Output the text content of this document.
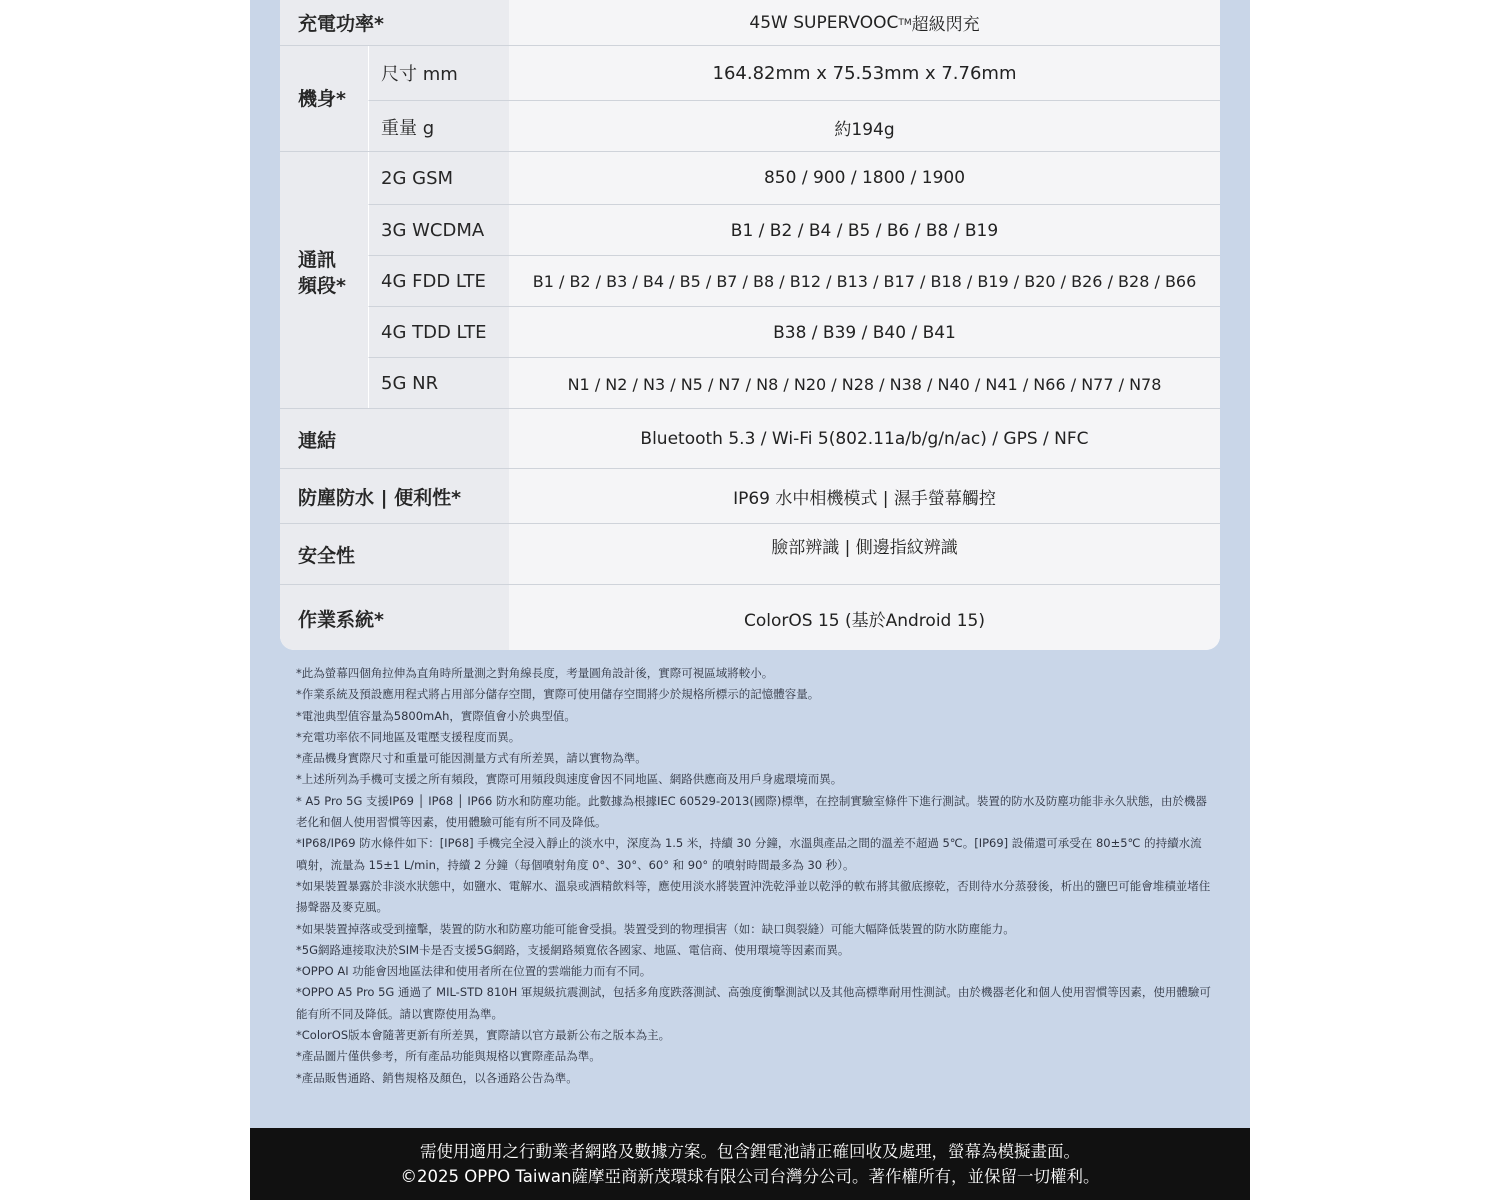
充電功率*	45W SUPERVOOC TM 超級閃充
機身*
尺寸 mm	164.82mm x 75.53mm x 7.76mm
重量 g	約194g
通訊
頻段*
2G GSM	850 / 900 / 1800 / 1900
3G WCDMA	B1 / B2 / B4 / B5 / B6 / B8 / B19
4G FDD LTE	B1 / B2 / B3 / B4 / B5 / B7 / B8 / B12 / B13 / B17 / B18 / B19 / B20 / B26 / B28 / B66
4G TDD LTE	B38 / B39 / B40 / B41
5G NR	N1 / N2 / N3 / N5 / N7 / N8 / N20 / N28 / N38 / N40 / N41 / N66 / N77 / N78
連結	Bluetooth 5.3 / Wi-Fi 5(802.11a/b/g/n/ac) / GPS / NFC
防塵防水 | 便利性*	IP69 水中相機模式 | 濕手螢幕觸控
安全性	臉部辨識 | 側邊指紋辨識
作業系統*	ColorOS 15 (基於Android 15)

*此為螢幕四個角拉伸為直角時所量測之對角線長度，考量圓角設計後，實際可視區域將較小。

*作業系統及預設應用程式將占用部分儲存空間，實際可使用儲存空間將少於規格所標示的記憶體容量。

*電池典型值容量為5800mAh，實際值會小於典型值。

*充電功率依不同地區及電壓支援程度而異。

*產品機身實際尺寸和重量可能因測量方式有所差異，請以實物為準。

*上述所列為手機可支援之所有頻段，實際可用頻段與速度會因不同地區、網路供應商及用戶身處環境而異。

* A5 Pro 5G 支援IP69 │ IP68 │ IP66 防水和防塵功能。此數據為根據IEC 60529-2013(國際)標準，在控制實驗室條件下進行測試。裝置的防水及防塵功能非永久狀態，由於機器老化和個人使用習慣等因素，使用體驗可能有所不同及降低。

*IP68/IP69 防水條件如下：[IP68] 手機完全浸入靜止的淡水中，深度為 1.5 米，持續 30 分鐘，水溫與產品之間的溫差不超過 5℃。[IP69] 設備還可承受在 80±5℃ 的持續水流噴射，流量為 15±1 L/min，持續 2 分鐘（每個噴射角度 0°、30°、60° 和 90° 的噴射時間最多為 30 秒）。

*如果裝置暴露於非淡水狀態中，如鹽水、電解水、溫泉或酒精飲料等，應使用淡水將裝置沖洗乾淨並以乾淨的軟布將其徹底擦乾，否則待水分蒸發後，析出的鹽巴可能會堆積並堵住揚聲器及麥克風。

*如果裝置掉落或受到撞擊，裝置的防水和防塵功能可能會受損。裝置受到的物理損害（如：缺口與裂縫）可能大幅降低裝置的防水防塵能力。

*5G網路連接取決於SIM卡是否支援5G網路，支援網路頻寬依各國家、地區、電信商、使用環境等因素而異。

*OPPO AI 功能會因地區法律和使用者所在位置的雲端能力而有不同。

*OPPO A5 Pro 5G 通過了 MIL-STD 810H 軍規級抗震測試，包括多角度跌落測試、高強度衝擊測試以及其他高標準耐用性測試。由於機器老化和個人使用習慣等因素，使用體驗可能有所不同及降低。請以實際使用為準。

*ColorOS版本會隨著更新有所差異，實際請以官方最新公布之版本為主。

*產品圖片僅供參考，所有產品功能與規格以實際產品為準。

*產品販售通路、銷售規格及顏色，以各通路公告為準。

需使用適用之行動業者網路及數據方案。包含鋰電池請正確回收及處理，螢幕為模擬畫面。

©2025 OPPO Taiwan薩摩亞商新茂環球有限公司台灣分公司。著作權所有，並保留一切權利。
